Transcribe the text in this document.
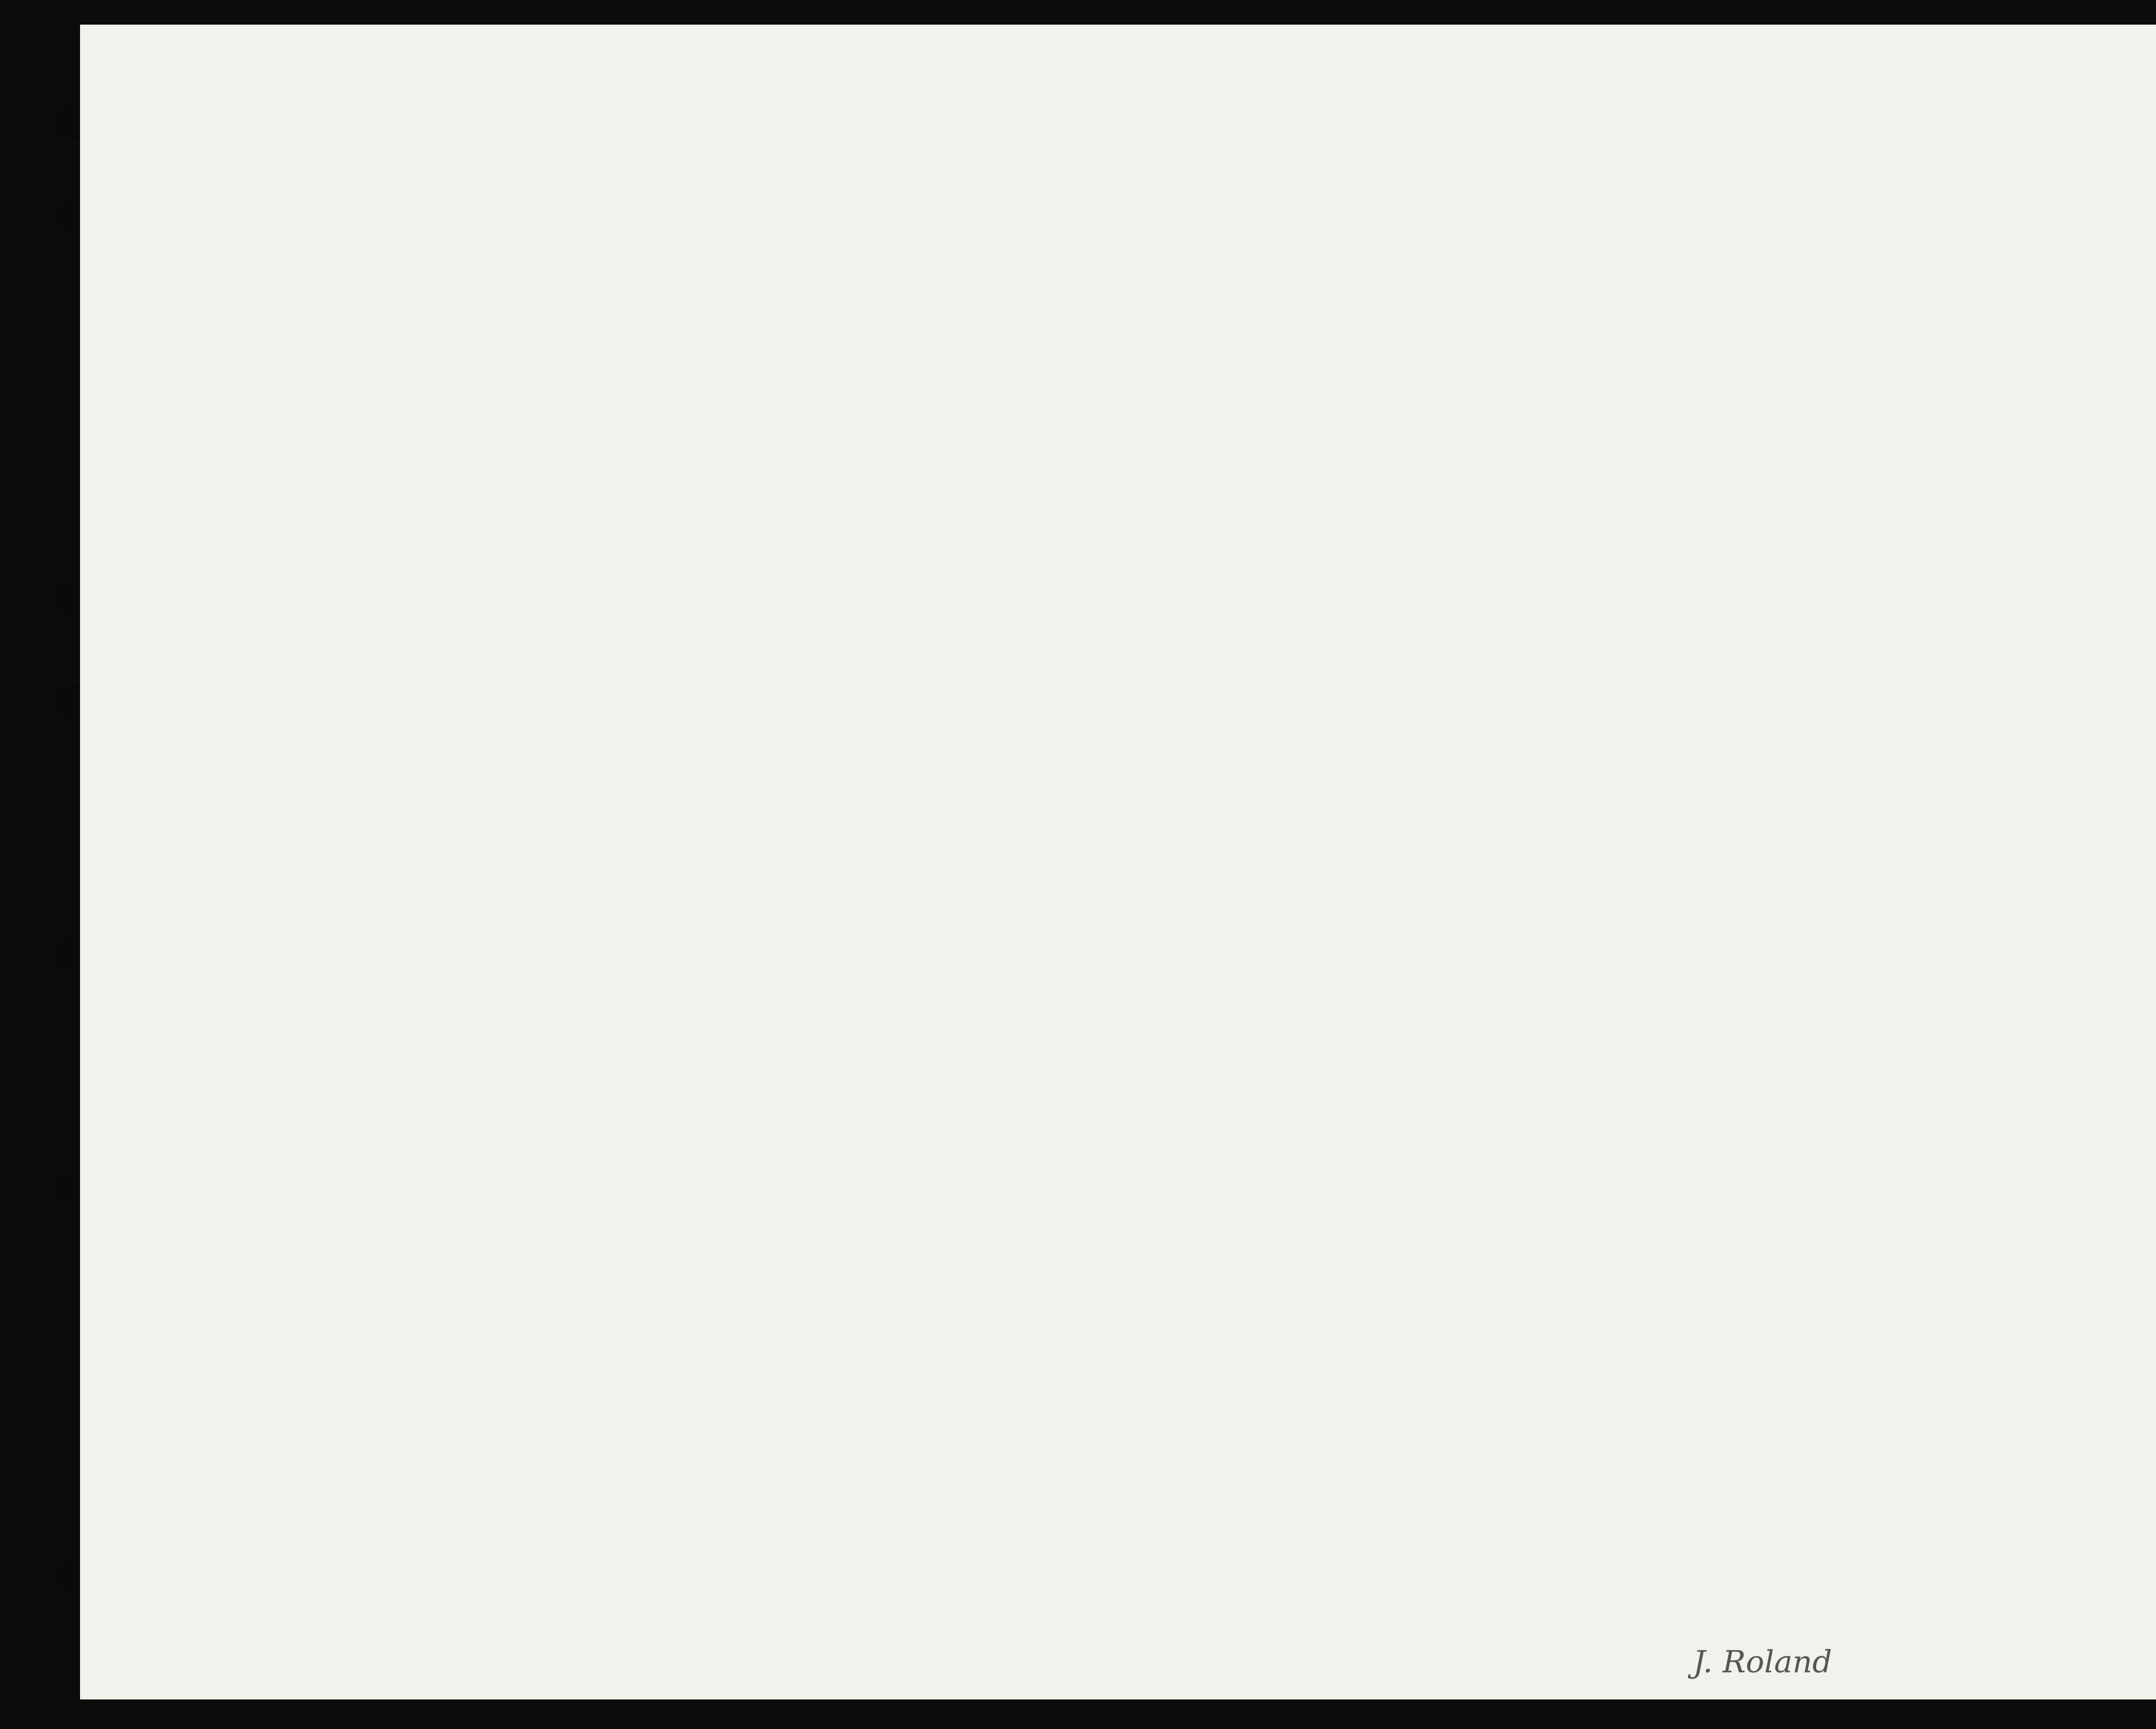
J. Roland
